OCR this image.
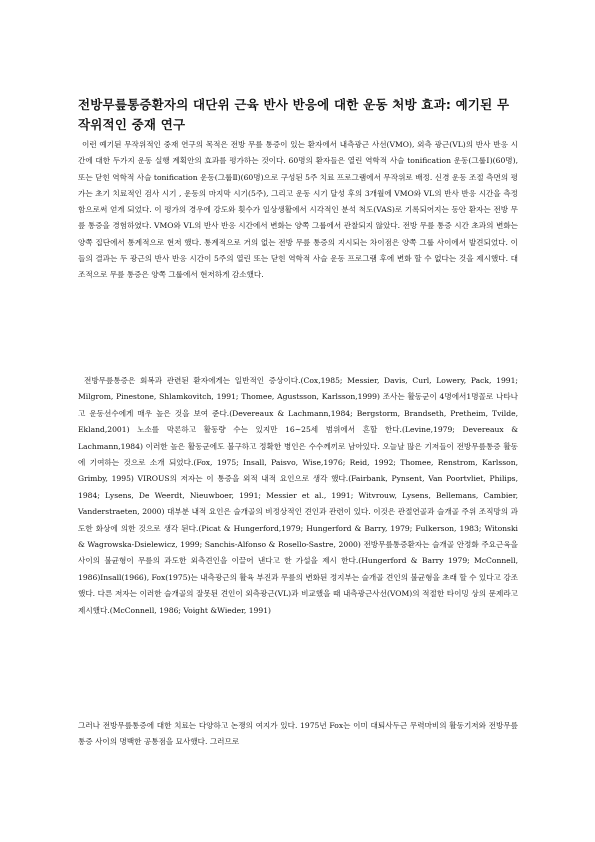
전방무릎통증환자의 대단위 근육 반사 반응에 대한 운동 처방 효과: 예기된 무작위적인 중재 연구

이런 예기된 무작위적인 중재 연구의 목적은 전방 무릎 통증이 있는 환자에서 내측광근 사선(VMO), 외측 광근(VL)의 반사 반응 시간에 대한 두가지 운동 실행 계획안의 효과를 평가하는 것이다. 60명의 환자들은 열린 역학적 사슬 tonification 운동(그룹Ⅰ)(60명), 또는 닫힌 역학적 사슬 tonification 운동(그룹Ⅱ)(60명)으로 구성된 5주 치료 프로그램에서 무작위로 배정. 신경 운동 조절 측면의 평가는 초기 치료적인 검사 시기 , 운동의 마지막 시기(5주), 그리고 운동 시기 달성 후의 3개월에 VMO와 VL의 반사 반응 시간을 측정함으로써 얻게 되었다. 이 평가의 경우에 강도와 횟수가 일상생활에서 시각적인 분석 척도(VAS)로 기록되어지는 동안 환자는 전방 무릎 통증을 경험하였다. VMO와 VL의 반사 반응 시간에서 변화는 양쪽 그룹에서 관찰되지 않았다. 전방 무릎 통증 시간 초과의 변화는 양쪽 집단에서 통계적으로 현저 했다. 통계적으로 거의 없는 전방 무릎 통증의 지시되는 차이점은 양쪽 그룹 사이에서 발견되었다. 이들의 결과는 두 광근의 반사 반응 시간이 5주의 열린 또는 닫힌 역학적 사슬 운동 프로그램 후에 변화 할 수 없다는 것을 제시했다. 대조적으로 무릎 통증은 양쪽 그룹에서 현저하게 감소했다.

전방무릎통증은 회복과 관련된 환자에게는 일반적인 증상이다.(Cox,1985; Messier, Davis, Curl, Lowery, Pack, 1991; Milgrom, Pinestone, Shlamkovitch, 1991; Thomee, Agustsson, Karlsson,1999) 조사는 활동군이 4명에서1명꼴로 나타나고 운동선수에게 매우 높은 것을 보여 준다.(Devereaux & Lachmann,1984; Bergstorm, Brandseth, Pretheim, Tvilde, Ekland,2001) 노소를 막론하고 활동량 수는 있지만 16~25세 범위에서 흔할 한다.(Levine,1979; Devereaux & Lachmann,1984) 이러한 높은 활동군에도 불구하고 정확한 병인은 수수께끼로 남아있다. 오늘날 많은 기저들이 전방무릎통증 활동에 기여하는 것으로 소개 되었다.(Fox, 1975; Insall, Paisvo, Wise,1976; Reid, 1992; Thomee, Renstrom, Karlsson, Grimby, 1995) VIROUS의 저자는 이 통증을 외적 내적 요인으로 생각 했다.(Fairbank, Pynsent, Van Poortvliet, Philips, 1984; Lysens, De Weerdt, Nieuwboer, 1991; Messier et al., 1991; Witvrouw, Lysens, Bellemans, Cambier, Vanderstraeten, 2000) 대부분 내적 요인은 슬개골의 비정상적인 견인과 관련이 있다. 이것은 관절연골과 슬개골 주위 조직망의 과도한 화상에 의한 것으로 생각 된다.(Picat & Hungerford,1979; Hungerford & Barry, 1979; Fulkerson, 1983; Witonski & Wagrowska-Dsielewicz, 1999; Sanchis-Alfonso & Rosello-Sastre, 2000) 전방무릎통증환자는 슬개골 안정화 주요근육을 사이의 불균형이 무릎의 과도한 외측견인을 이끌어 낸다고 한 가설을 제시 한다.(Hungerford & Barry 1979; McConnell, 1986)Insall(1966), Fox(1975)는 내측광근의 활육 부진과 무릎의 변화된 정지부는 슬개골 견인의 불균형을 초래 할 수 있다고 강조했다. 다른 저자는 이러한 슬개골의 잘못된 견인이 외측광근(VL)과 비교했을 때 내측광근사선(VOM)의 적절한 타이밍 상의 문제라고 제시했다.(McConnell, 1986; Voight &Wieder, 1991)

그러나 전방무릎통증에 대한 치료는 다양하고 논쟁의 여지가 있다. 1975년 Fox는 이미 대퇴사두근 무력마비의 활동기저와 전방무릎통증 사이의 명백한 공통점을 묘사했다. 그러므로
